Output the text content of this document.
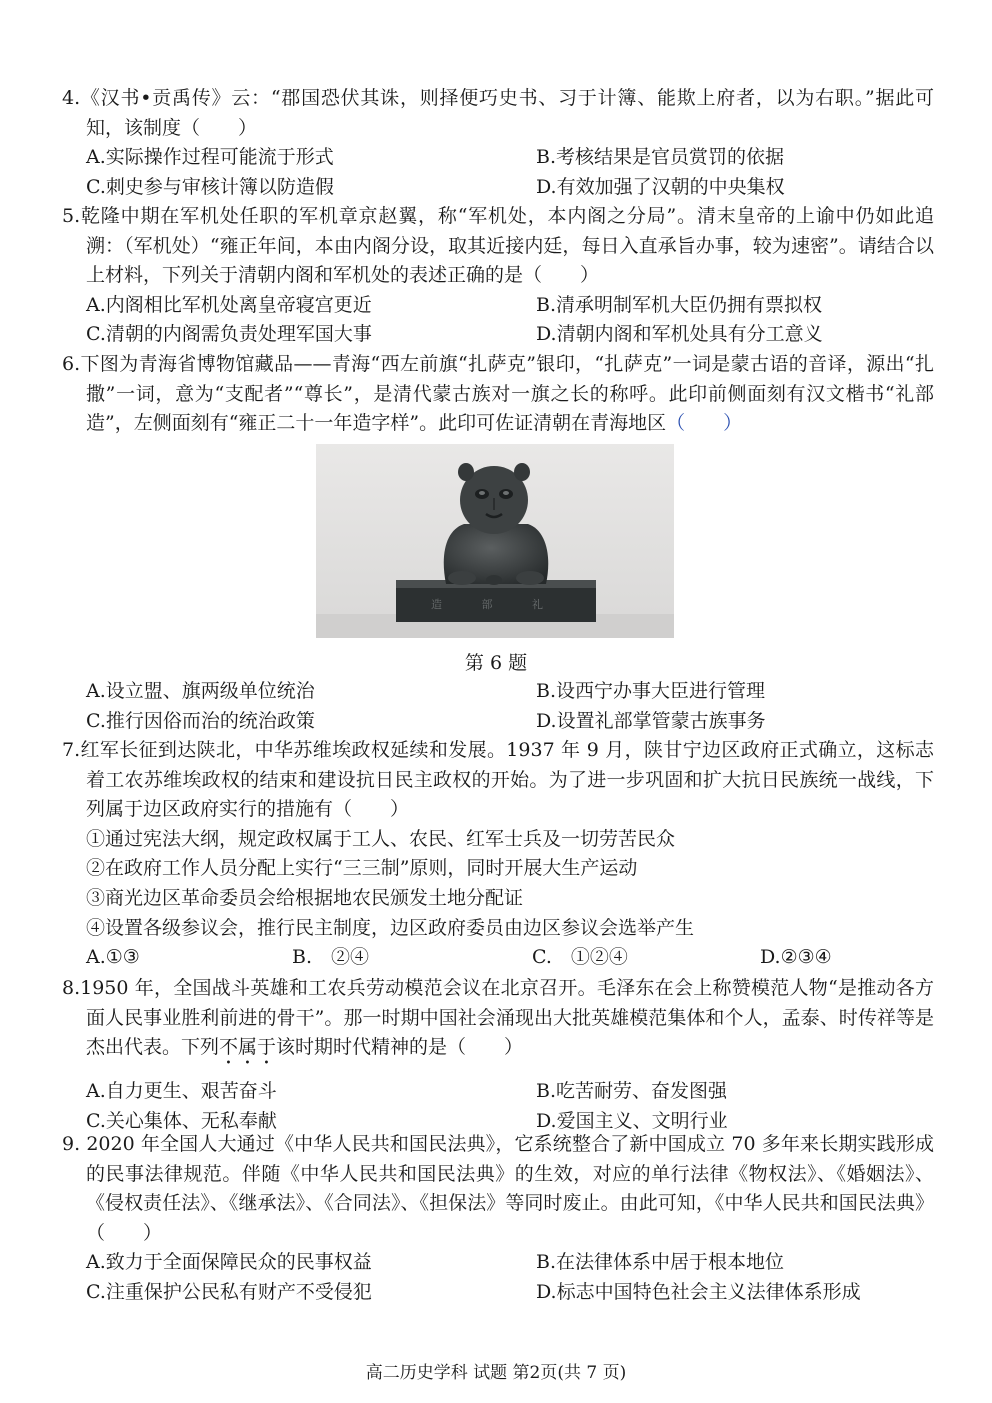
4.《汉书•贡禹传》云：“郡国恐伏其诛，则择便巧史书、习于计簿、能欺上府者，以为右职。”据此可知，该制度（　　）

A.实际操作过程可能流于形式	B.考核结果是官员赏罚的依据
C.刺史参与审核计簿以防造假	D.有效加强了汉朝的中央集权

5.乾隆中期在军机处任职的军机章京赵翼，称“军机处，本内阁之分局”。清末皇帝的上谕中仍如此追溯：（军机处）“雍正年间，本由内阁分设，取其近接内廷，每日入直承旨办事，较为速密”。请结合以上材料，下列关于清朝内阁和军机处的表述正确的是（　　）

A.内阁相比军机处离皇帝寝宫更近	B.清承明制军机大臣仍拥有票拟权
C.清朝的内阁需负责处理军国大事	D.清朝内阁和军机处具有分工意义

6.下图为青海省博物馆藏品——青海“西左前旗“扎萨克”银印，“扎萨克”一词是蒙古语的音译，源出“扎撒”一词，意为“支配者”“尊长”，是清代蒙古族对一旗之长的称呼。此印前侧面刻有汉文楷书“礼部造”，左侧面刻有“雍正二十一年造字样”。此印可佐证清朝在青海地区（　　）

造 部 礼
第 6 题
A.设立盟、旗两级单位统治	B.设西宁办事大臣进行管理
C.推行因俗而治的统治政策	D.设置礼部掌管蒙古族事务

7.红军长征到达陕北，中华苏维埃政权延续和发展。1937 年 9 月，陕甘宁边区政府正式确立，这标志着工农苏维埃政权的结束和建设抗日民主政权的开始。为了进一步巩固和扩大抗日民族统一战线，下列属于边区政府实行的措施有（　　）

①通过宪法大纲，规定政权属于工人、农民、红军士兵及一切劳苦民众
②在政府工作人员分配上实行“三三制”原则，同时开展大生产运动
③商光边区革命委员会给根据地农民颁发土地分配证
④设置各级参议会，推行民主制度，边区政府委员由边区参议会选举产生
A.①③	B.　②④	C.　①②④	D.②③④

8.1950 年，全国战斗英雄和工农兵劳动模范会议在北京召开。毛泽东在会上称赞模范人物“是推动各方面人民事业胜利前进的骨干”。那一时期中国社会涌现出大批英雄模范集体和个人，孟泰、时传祥等是杰出代表。下列不属于该时期时代精神的是（　　）

A.自力更生、艰苦奋斗	B.吃苦耐劳、奋发图强
C.关心集体、无私奉献	D.爱国主义、文明行业

9. 2020 年全国人大通过《中华人民共和国民法典》，它系统整合了新中国成立 70 多年来长期实践形成的民事法律规范。伴随《中华人民共和国民法典》的生效，对应的单行法律《物权法》、《婚姻法》、《侵权责任法》、《继承法》、《合同法》、《担保法》等同时废止。由此可知，《中华人民共和国民法典》（　　）

A.致力于全面保障民众的民事权益	B.在法律体系中居于根本地位
C.注重保护公民私有财产不受侵犯	D.标志中国特色社会主义法律体系形成
高二历史学科 试题 第2页(共 7 页)
